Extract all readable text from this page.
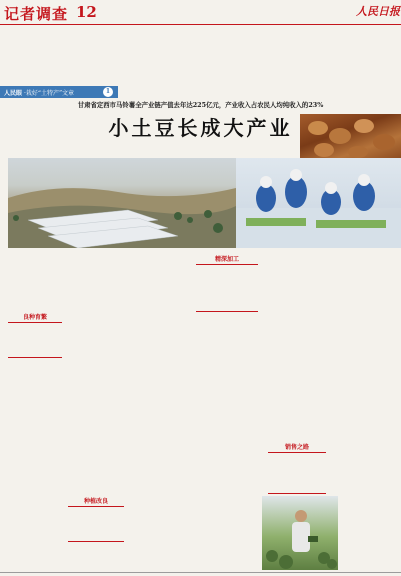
记者调查 12	人民日报
人民眼 ·栽好“土特产”文章	1
甘肃省定西市马铃薯全产业链产值去年达225亿元，产业收入占农民人均纯收入的23%
小土豆长成大产业
良种育繁
种植改良
精深加工
销售之路
